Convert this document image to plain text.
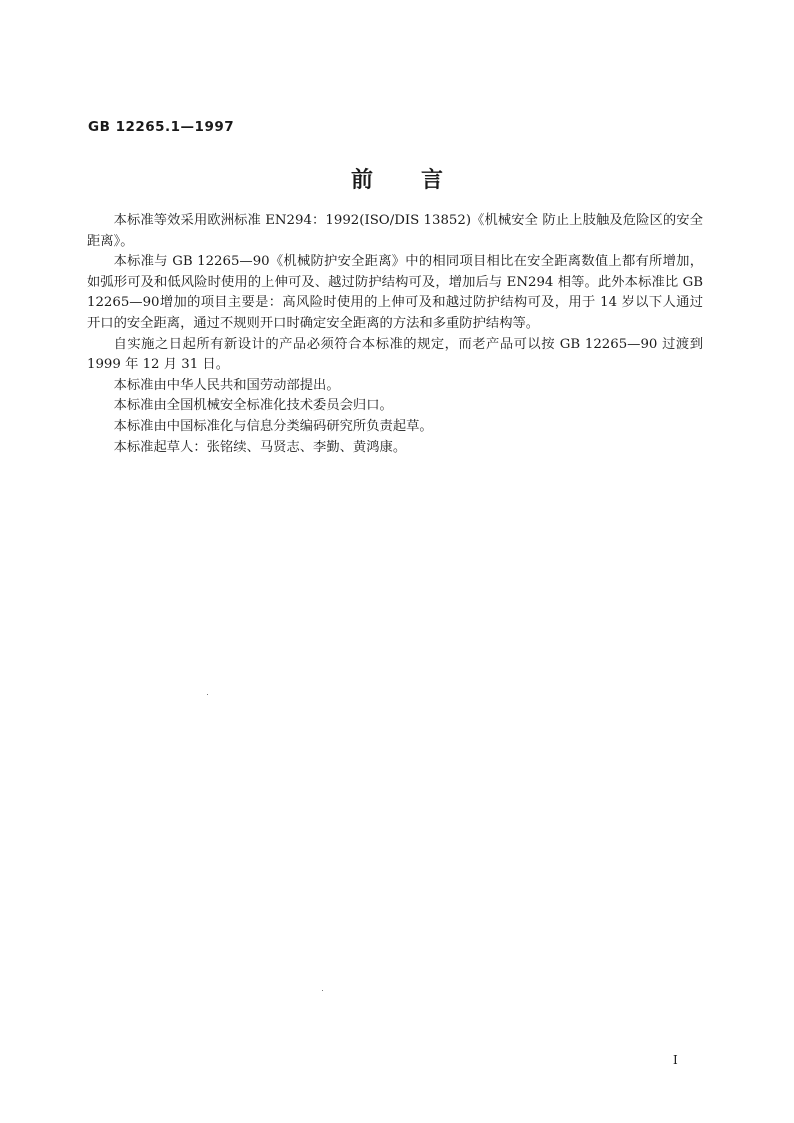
GB 12265.1—1997
前言

本标准等效采用欧洲标准 EN294：1992(ISO/DIS 13852)《机械安全 防止上肢触及危险区的安全距离》。

本标准与 GB 12265—90《机械防护安全距离》中的相同项目相比在安全距离数值上都有所增加，如弧形可及和低风险时使用的上伸可及、越过防护结构可及，增加后与 EN294 相等。此外本标准比 GB 12265—90增加的项目主要是：高风险时使用的上伸可及和越过防护结构可及，用于 14 岁以下人通过开口的安全距离，通过不规则开口时确定安全距离的方法和多重防护结构等。

自实施之日起所有新设计的产品必须符合本标准的规定，而老产品可以按 GB 12265—90 过渡到 1999 年 12 月 31 日。

本标准由中华人民共和国劳动部提出。

本标准由全国机械安全标准化技术委员会归口。

本标准由中国标准化与信息分类编码研究所负责起草。

本标准起草人：张铭续、马贤志、李勤、黄鸿康。

I
